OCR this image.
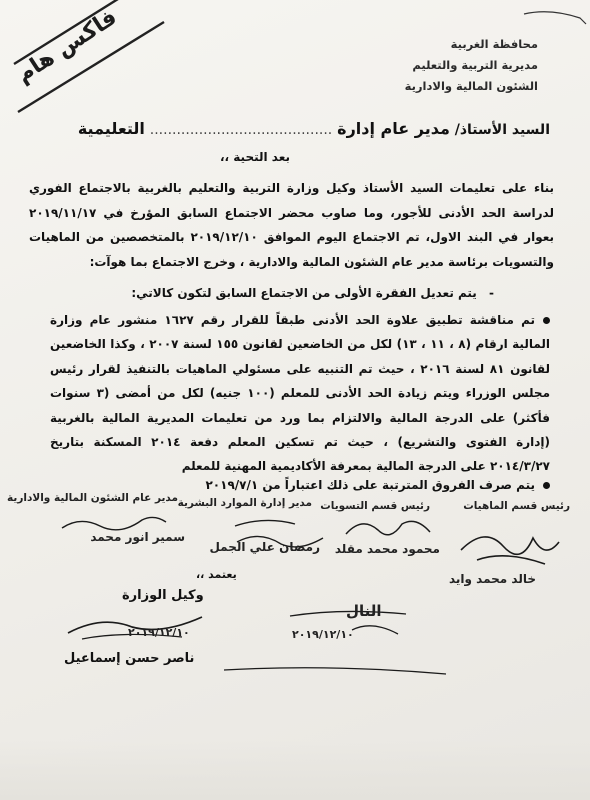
فاكس هام	محافظة الغربية
مديرية التربية والتعليم
الشئون المالية والادارية
السيد الأستاذ/ مدير عام إدارة ......................................... التعليمية
بعد التحية ،،

بناء على تعليمات السيد الأستاذ وكيل وزارة التربية والتعليم بالغربية بالاجتماع الفوري لدراسة الحد الأدنى للأجور، وما صاوب محضر الاجتماع السابق المؤرخ في ٢٠١٩/١١/١٧ بعوار في البند الاول، تم الاجتماع اليوم الموافق ٢٠١٩/١٢/١٠ بالمتخصصين من الماهيات والتسويات برئاسة مدير عام الشئون المالية والادارية ، وخرج الاجتماع بما هوآت:

- يتم تعديل الفقرة الأولى من الاجتماع السابق لتكون كالاتي:

تم مناقشة تطبيق علاوة الحد الأدنى طبقاً للقرار رقم ١٦٢٧ منشور عام وزارة المالية ارقام (٨ ، ١١ ، ١٣) لكل من الخاضعين لقانون ١٥٥ لسنة ٢٠٠٧ ، وكذا الخاضعين لقانون ٨١ لسنة ٢٠١٦ ، حيث تم التنبيه على مسئولي الماهيات بالتنفيذ لقرار رئيس مجلس الوزراء ويتم زيادة الحد الأدنى للمعلم (١٠٠ جنيه) لكل من أمضى (٣ سنوات فأكثر) على الدرجة المالية والالتزام بما ورد من تعليمات المديرية المالية بالغربية (إدارة الفتوى والتشريع) ، حيث تم تسكين المعلم دفعة ٢٠١٤ المسكنة بتاريخ ٢٠١٤/٣/٢٧ على الدرجة المالية بمعرفة الأكاديمية المهنية للمعلم

يتم صرف الفروق المترتبة على ذلك اعتباراً من ٢٠١٩/٧/١
رئيس قسم الماهيات
رئيس قسم التسويات
مدير إدارة الموارد البشرية
مدير عام الشئون المالية والادارية
خالد محمد وايد
محمود محمد مقلد
رمضان علي الجمل
سمير انور محمد
يعتمد ،،
وكيل الوزارة
٢٠١٩/١٢/١٠
ناصر حسن إسماعيل
النال
٢٠١٩/١٢/١٠
